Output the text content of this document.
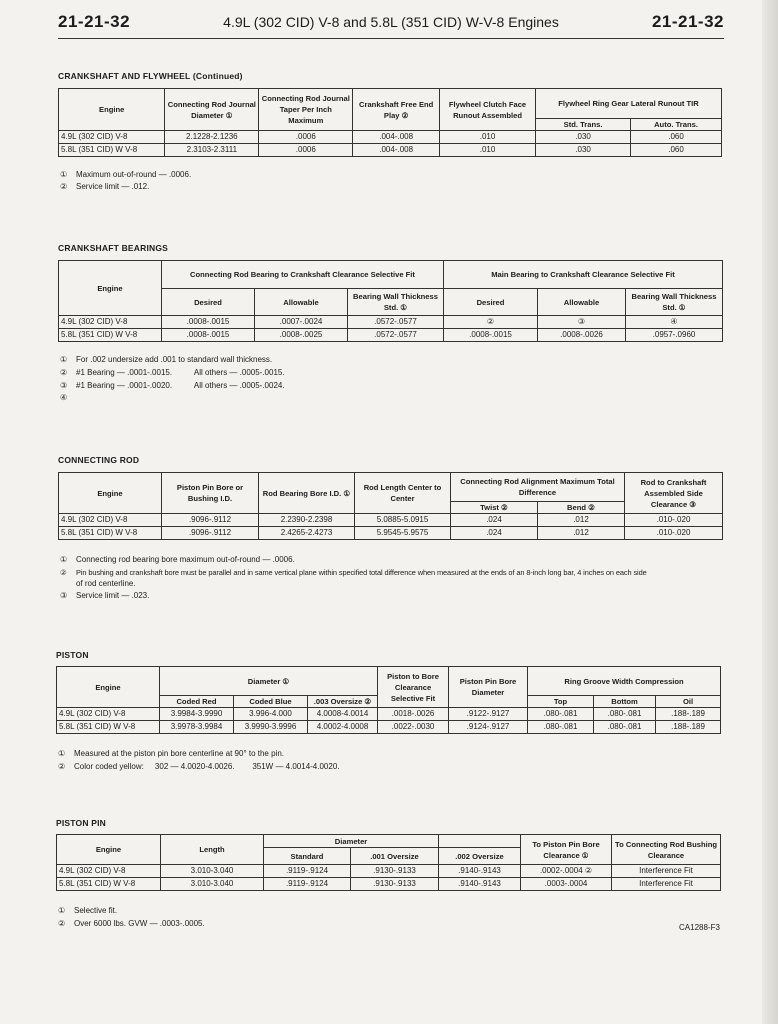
21-21-32	4.9L (302 CID) V-8 and 5.8L (351 CID) W-V-8 Engines	21-21-32
CRANKSHAFT AND FLYWHEEL (Continued)
Engine	Connecting Rod Journal Diameter ①	Connecting Rod Journal Taper Per Inch Maximum	Crankshaft Free End Play ②	Flywheel Clutch Face Runout Assembled	Flywheel Ring Gear Lateral Runout TIR	
					Std. Trans.	Auto. Trans.
4.9L (302 CID) V-8	2.1228-2.1236	.0006	.004-.008	.010	.030	.060
5.8L (351 CID) W V-8	2.3103-2.3111	.0006	.004-.008	.010	.030	.060
① Maximum out-of-round — .0006.
② Service limit — .012.
CRANKSHAFT BEARINGS
Engine	Connecting Rod Bearing to Crankshaft Clearance Selective Fit			Main Bearing to Crankshaft Clearance Selective Fit		
	Desired	Allowable	Bearing Wall Thickness Std. ①	Desired	Allowable	Bearing Wall Thickness Std. ①
4.9L (302 CID) V-8	.0008-.0015	.0007-.0024	.0572-.0577	②	③	④
5.8L (351 CID) W V-8	.0008-.0015	.0008-.0025	.0572-.0577	.0008-.0015	.0008-.0026	.0957-.0960
① For .002 undersize add .001 to standard wall thickness.
② #1 Bearing — .0001-.0015.          All others — .0005-.0015.
③ #1 Bearing — .0001-.0020.          All others — .0005-.0024.
④
CONNECTING ROD
Engine	Piston Pin Bore or Bushing I.D.	Rod Bearing Bore I.D. ①	Rod Length Center to Center	Connecting Rod Alignment Maximum Total Difference		Rod to Crankshaft Assembled Side Clearance ③
				Twist ②	Bend ②	
4.9L (302 CID) V-8	.9096-.9112	2.2390-2.2398	5.0885-5.0915	.024	.012	.010-.020
5.8L (351 CID) W V-8	.9096-.9112	2.4265-2.4273	5.9545-5.9575	.024	.012	.010-.020
① Connecting rod bearing bore maximum out-of-round — .0006.
② Pin bushing and crankshaft bore must be parallel and in same vertical plane within specified total difference when measured at the ends of an 8-inch long bar, 4 inches on each side
of rod centerline.
③ Service limit — .023.
PISTON
Engine	Diameter ①			Piston to Bore Clearance Selective Fit	Piston Pin Bore Diameter	Ring Groove Width Compression		
	Coded Red	Coded Blue	.003 Oversize ②			Top	Bottom	Oil
4.9L (302 CID) V-8	3.9984-3.9990	3.996-4.000	4.0008-4.0014	.0018-.0026	.9122-.9127	.080-.081	.080-.081	.188-.189
5.8L (351 CID) W V-8	3.9978-3.9984	3.9990-3.9996	4.0002-4.0008	.0022-.0030	.9124-.9127	.080-.081	.080-.081	.188-.189
① Measured at the piston pin bore centerline at 90° to the pin.
② Color coded yellow:     302 — 4.0020-4.0026.        351W — 4.0014-4.0020.
PISTON PIN
Engine	Length	Diameter			To Piston Pin Bore Clearance ①	To Connecting Rod Bushing Clearance
		Standard	.001 Oversize	.002 Oversize		
4.9L (302 CID) V-8	3.010-3.040	.9119-.9124	.9130-.9133	.9140-.9143	.0002-.0004 ②	Interference Fit
5.8L (351 CID) W V-8	3.010-3.040	.9119-.9124	.9130-.9133	.9140-.9143	.0003-.0004	Interference Fit
① Selective fit.
② Over 6000 lbs. GVW — .0003-.0005.	CA1288-F3
